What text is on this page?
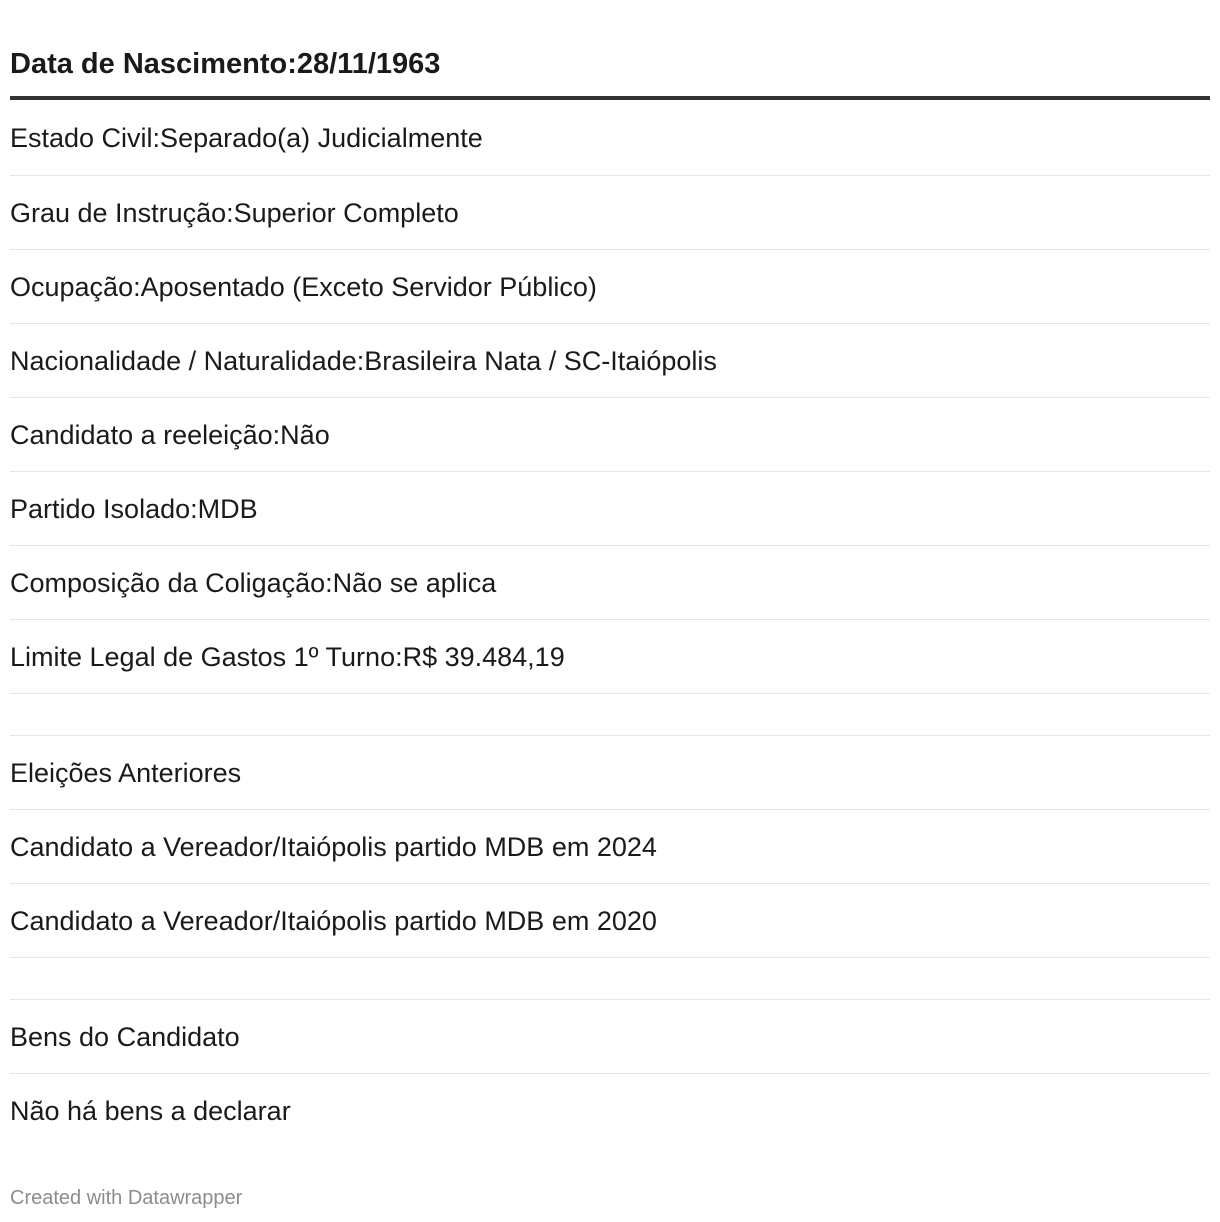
Data de Nascimento:28/11/1963
Estado Civil:Separado(a) Judicialmente
Grau de Instrução:Superior Completo
Ocupação:Aposentado (Exceto Servidor Público)
Nacionalidade / Naturalidade:Brasileira Nata / SC-Itaiópolis
Candidato a reeleição:Não
Partido Isolado:MDB
Composição da Coligação:Não se aplica
Limite Legal de Gastos 1º Turno:R$ 39.484,19
Eleições Anteriores
Candidato a Vereador/Itaiópolis partido MDB em 2024
Candidato a Vereador/Itaiópolis partido MDB em 2020
Bens do Candidato
Não há bens a declarar
Created with Datawrapper
